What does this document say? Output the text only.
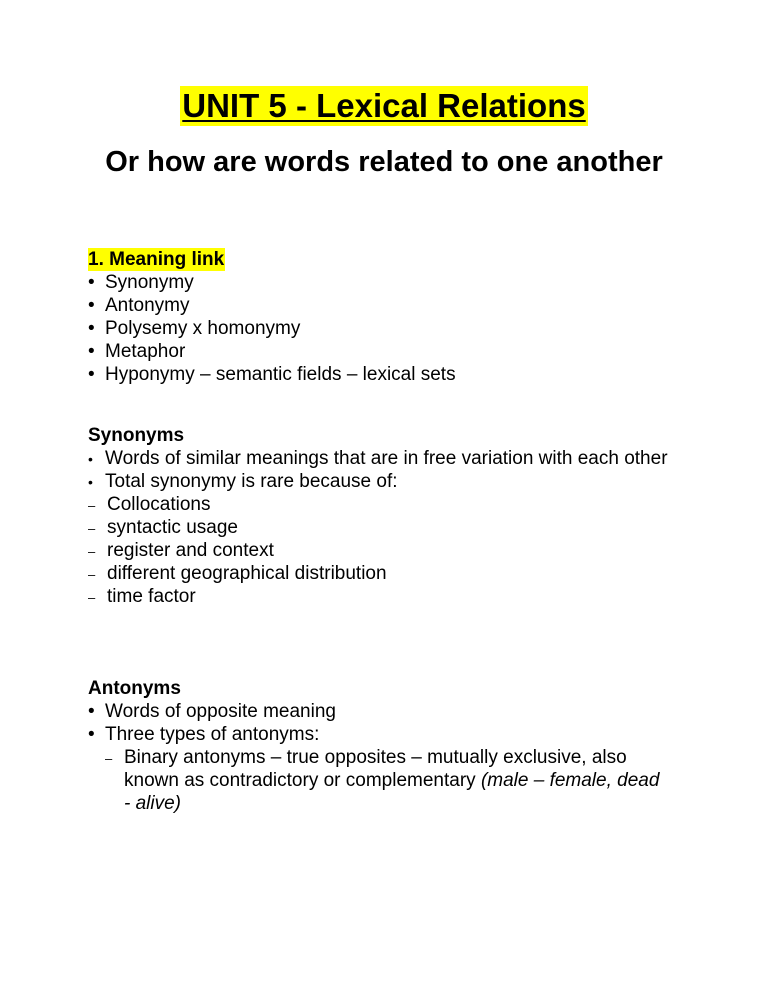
UNIT 5 - Lexical Relations
Or how are words related to one another
1. Meaning link
• Synonymy
• Antonymy
• Polysemy x homonymy
• Metaphor
• Hyponymy – semantic fields – lexical sets
Synonyms
• Words of similar meanings that are in free variation with each other
• Total synonymy is rare because of:
– Collocations
– syntactic usage
– register and context
– different geographical distribution
– time factor
Antonyms
• Words of opposite meaning
• Three types of antonyms:
– Binary antonyms – true opposites – mutually exclusive, also known as contradictory or complementary (male – female, dead - alive)
